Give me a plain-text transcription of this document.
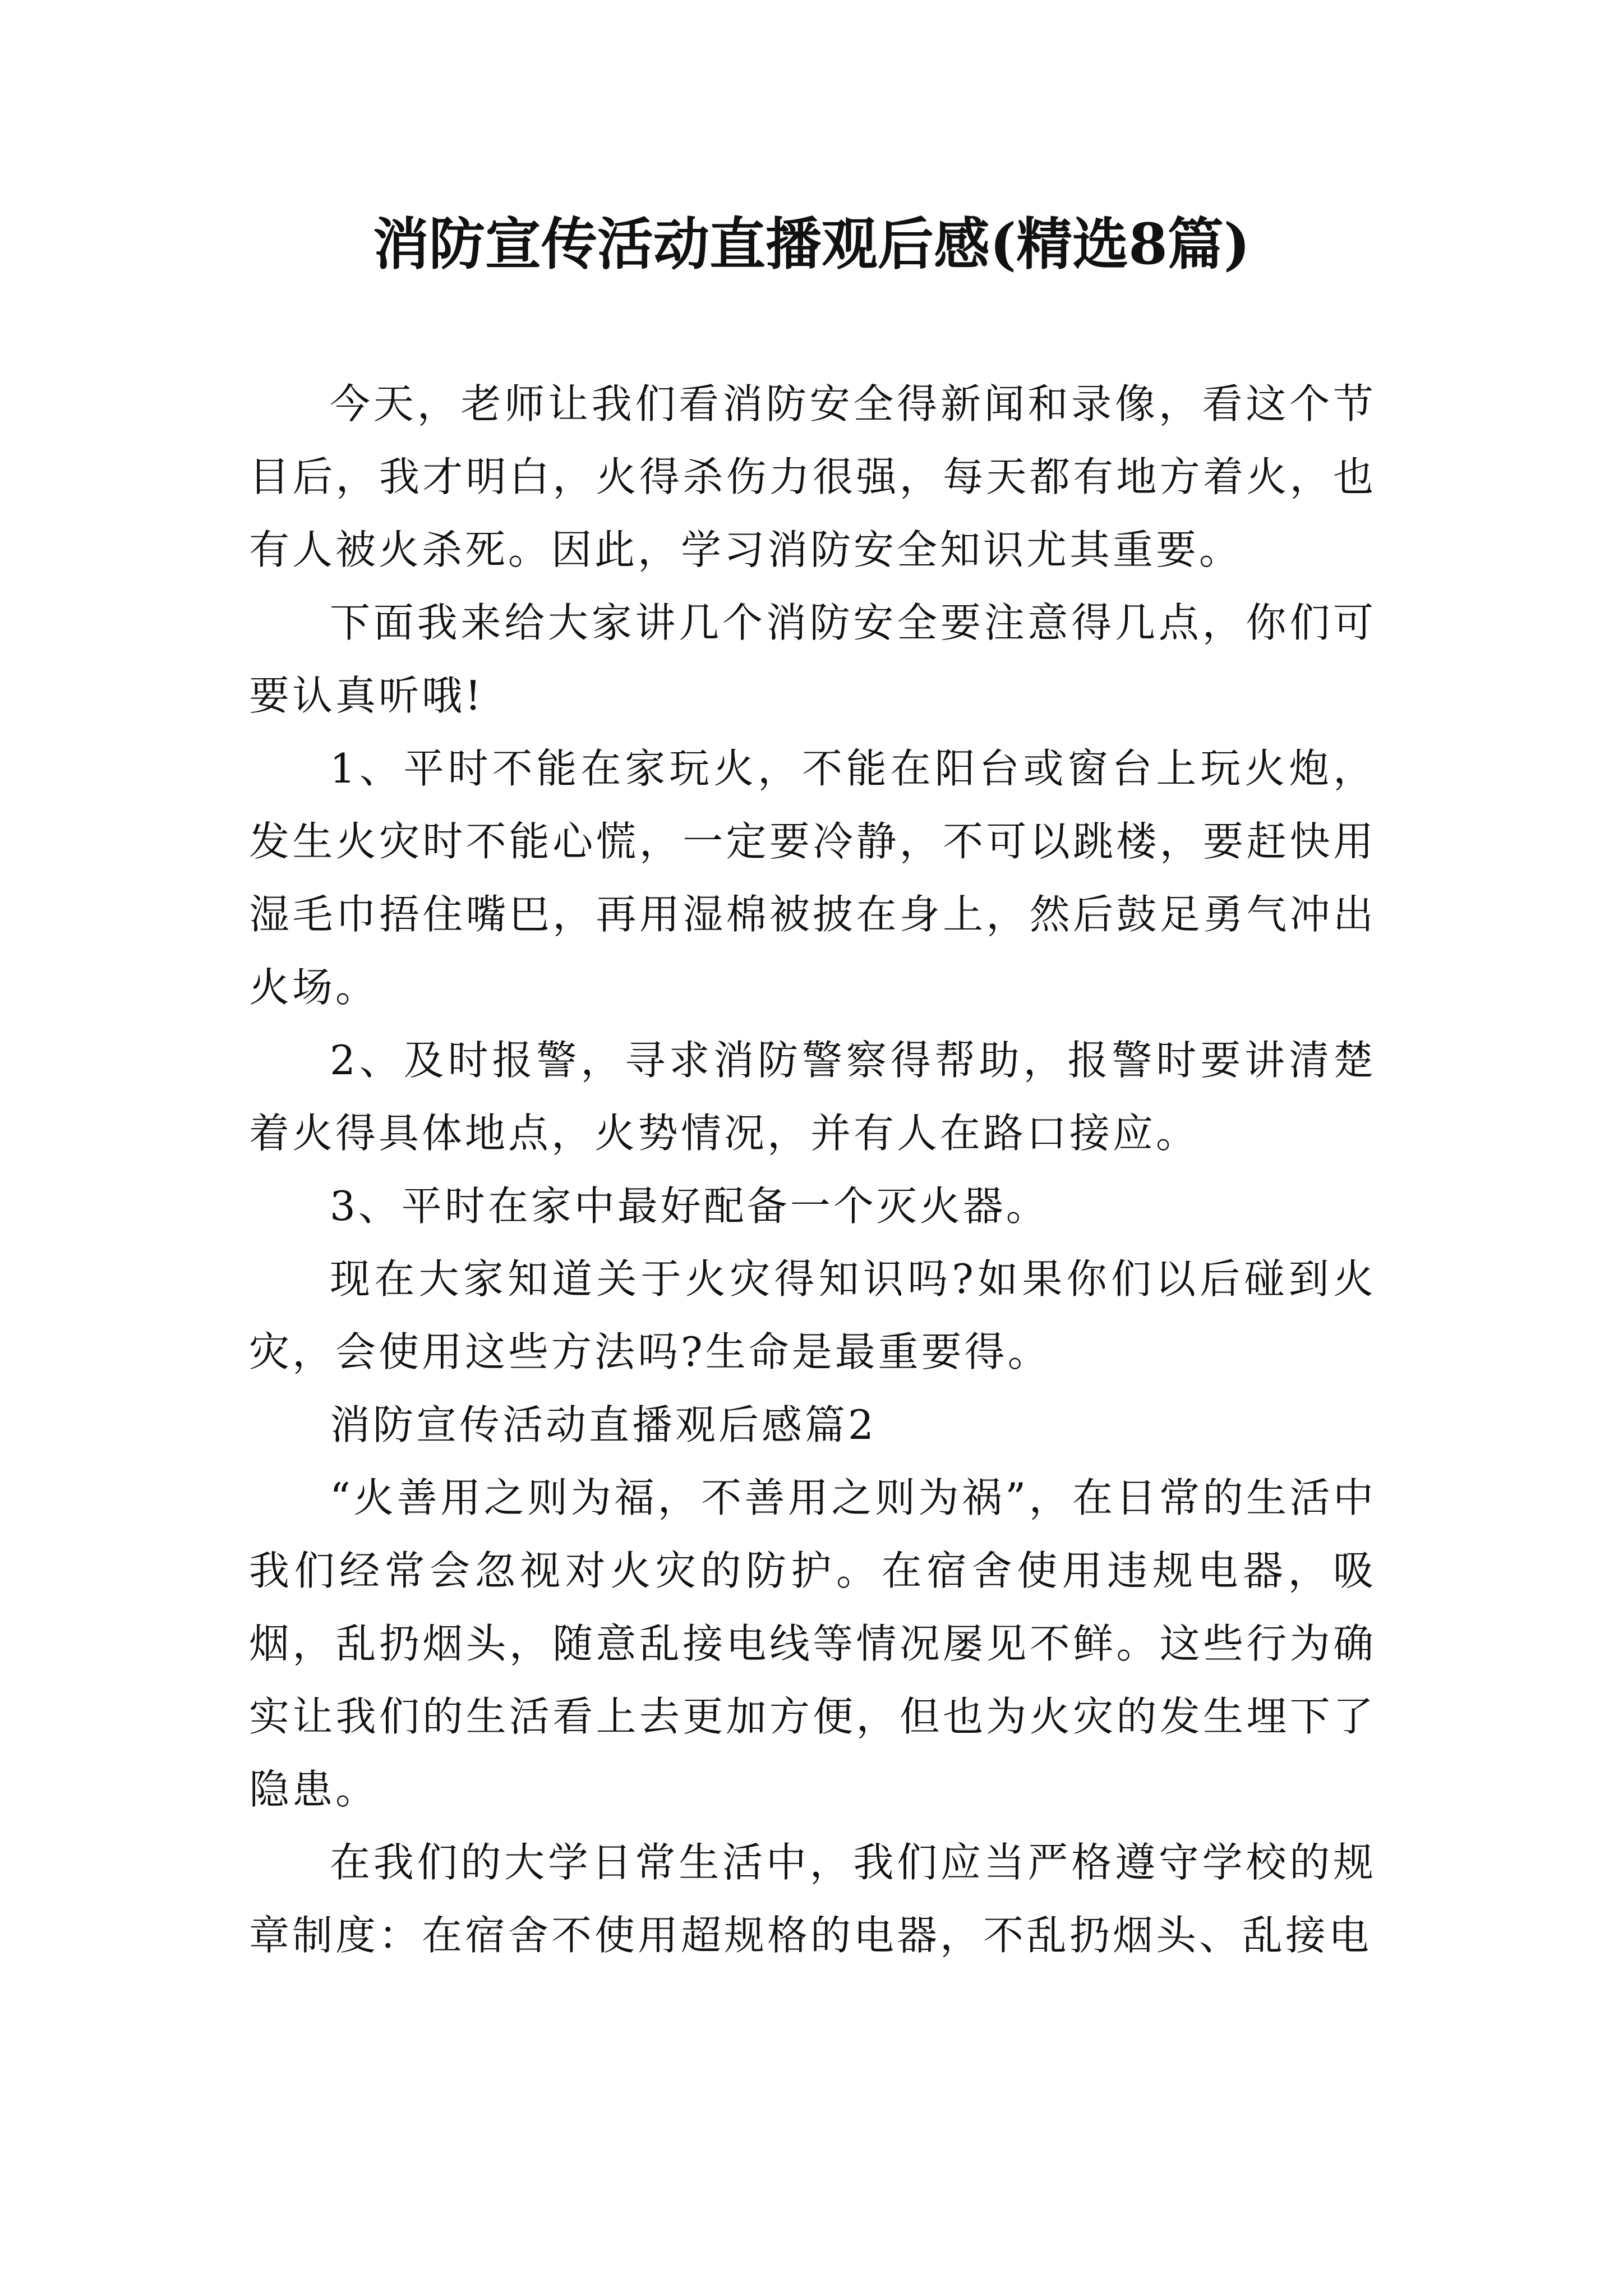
消防宣传活动直播观后感(精选8篇)

今天，老师让我们看消防安全得新闻和录像，看这个节目后，我才明白，火得杀伤力很强，每天都有地方着火，也有人被火杀死。因此，学习消防安全知识尤其重要。

下面我来给大家讲几个消防安全要注意得几点，你们可要认真听哦!

1、平时不能在家玩火，不能在阳台或窗台上玩火炮，发生火灾时不能心慌，一定要冷静，不可以跳楼，要赶快用湿毛巾捂住嘴巴，再用湿棉被披在身上，然后鼓足勇气冲出火场。

2、及时报警，寻求消防警察得帮助，报警时要讲清楚着火得具体地点，火势情况，并有人在路口接应。

3、平时在家中最好配备一个灭火器。

现在大家知道关于火灾得知识吗?如果你们以后碰到火灾，会使用这些方法吗?生命是最重要得。

消防宣传活动直播观后感篇2

“火善用之则为福，不善用之则为祸”，在日常的生活中我们经常会忽视对火灾的防护。在宿舍使用违规电器，吸烟，乱扔烟头，随意乱接电线等情况屡见不鲜。这些行为确实让我们的生活看上去更加方便，但也为火灾的发生埋下了隐患。

在我们的大学日常生活中，我们应当严格遵守学校的规章制度：在宿舍不使用超规格的电器，不乱扔烟头、乱接电
